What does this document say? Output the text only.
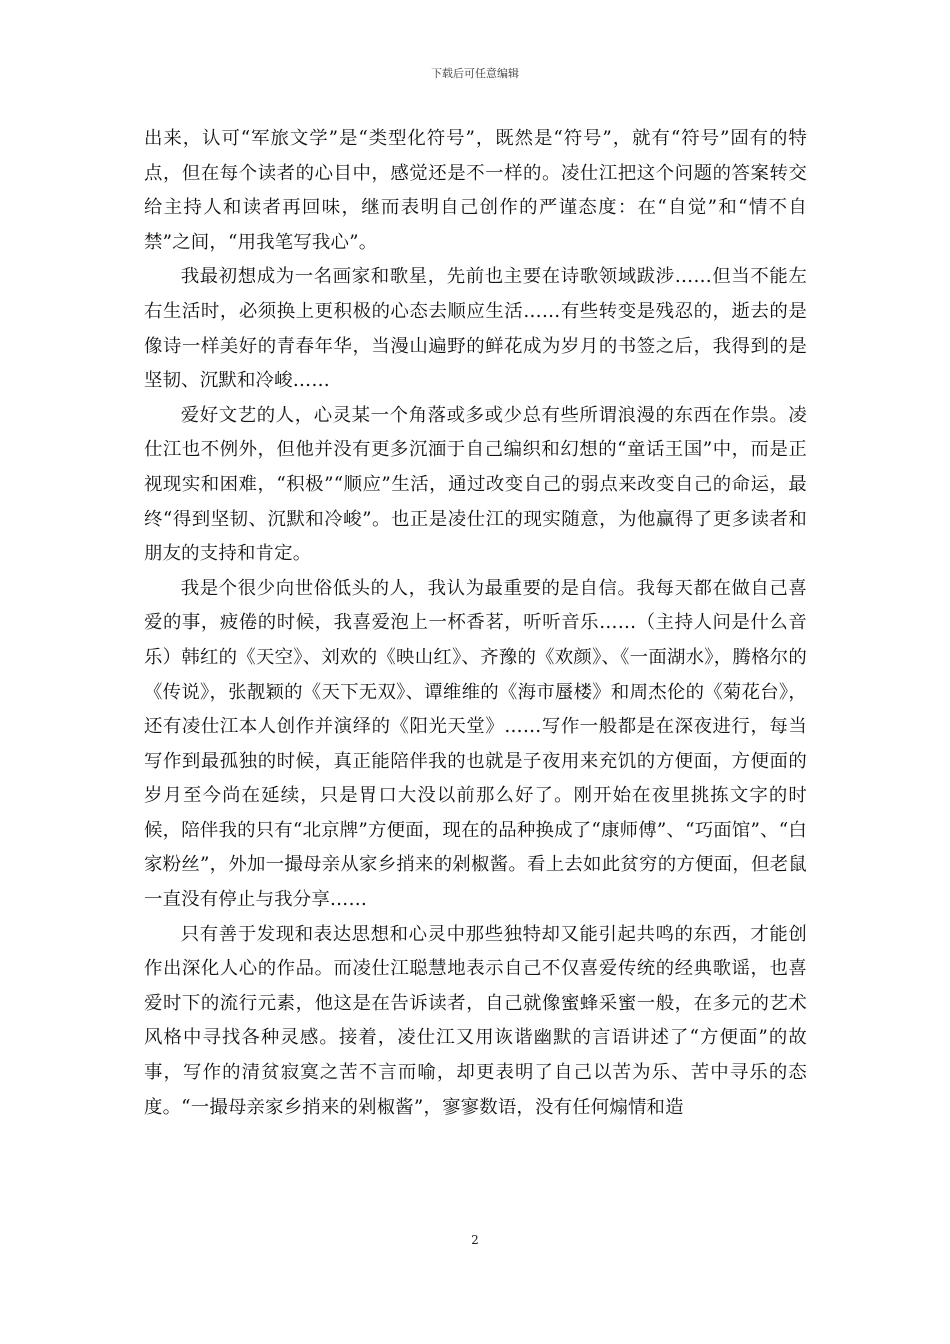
下载后可任意编辑

出来，认可“军旅文学”是“类型化符号”，既然是“符号”，就有“符号”固有的特点，但在每个读者的心目中，感觉还是不一样的。凌仕江把这个问题的答案转交给主持人和读者再回味，继而表明自己创作的严谨态度：在“自觉”和“情不自禁”之间，“用我笔写我心”。

我最初想成为一名画家和歌星，先前也主要在诗歌领域跋涉……但当不能左右生活时，必须换上更积极的心态去顺应生活……有些转变是残忍的，逝去的是像诗一样美好的青春年华，当漫山遍野的鲜花成为岁月的书签之后，我得到的是坚韧、沉默和冷峻……

爱好文艺的人，心灵某一个角落或多或少总有些所谓浪漫的东西在作祟。凌仕江也不例外，但他并没有更多沉湎于自己编织和幻想的“童话王国”中，而是正视现实和困难，“积极”“顺应”生活，通过改变自己的弱点来改变自己的命运，最终“得到坚韧、沉默和冷峻”。也正是凌仕江的现实随意，为他赢得了更多读者和朋友的支持和肯定。

我是个很少向世俗低头的人，我认为最重要的是自信。我每天都在做自己喜爱的事，疲倦的时候，我喜爱泡上一杯香茗，听听音乐……（主持人问是什么音乐）韩红的《天空》、刘欢的《映山红》、齐豫的《欢颜》、《一面湖水》，腾格尔的《传说》，张靓颖的《天下无双》、谭维维的《海市蜃楼》和周杰伦的《菊花台》，还有凌仕江本人创作并演绎的《阳光天堂》……写作一般都是在深夜进行，每当写作到最孤独的时候，真正能陪伴我的也就是子夜用来充饥的方便面，方便面的岁月至今尚在延续，只是胃口大没以前那么好了。刚开始在夜里挑拣文字的时候，陪伴我的只有“北京牌”方便面，现在的品种换成了“康师傅”、“巧面馆”、“白家粉丝”，外加一撮母亲从家乡捎来的剁椒酱。看上去如此贫穷的方便面，但老鼠一直没有停止与我分享……

只有善于发现和表达思想和心灵中那些独特却又能引起共鸣的东西，才能创作出深化人心的作品。而凌仕江聪慧地表示自己不仅喜爱传统的经典歌谣，也喜爱时下的流行元素，他这是在告诉读者，自己就像蜜蜂采蜜一般，在多元的艺术风格中寻找各种灵感。接着，凌仕江又用诙谐幽默的言语讲述了“方便面”的故事，写作的清贫寂寞之苦不言而喻，却更表明了自己以苦为乐、苦中寻乐的态度。“一撮母亲家乡捎来的剁椒酱”，寥寥数语，没有任何煽情和造

2
